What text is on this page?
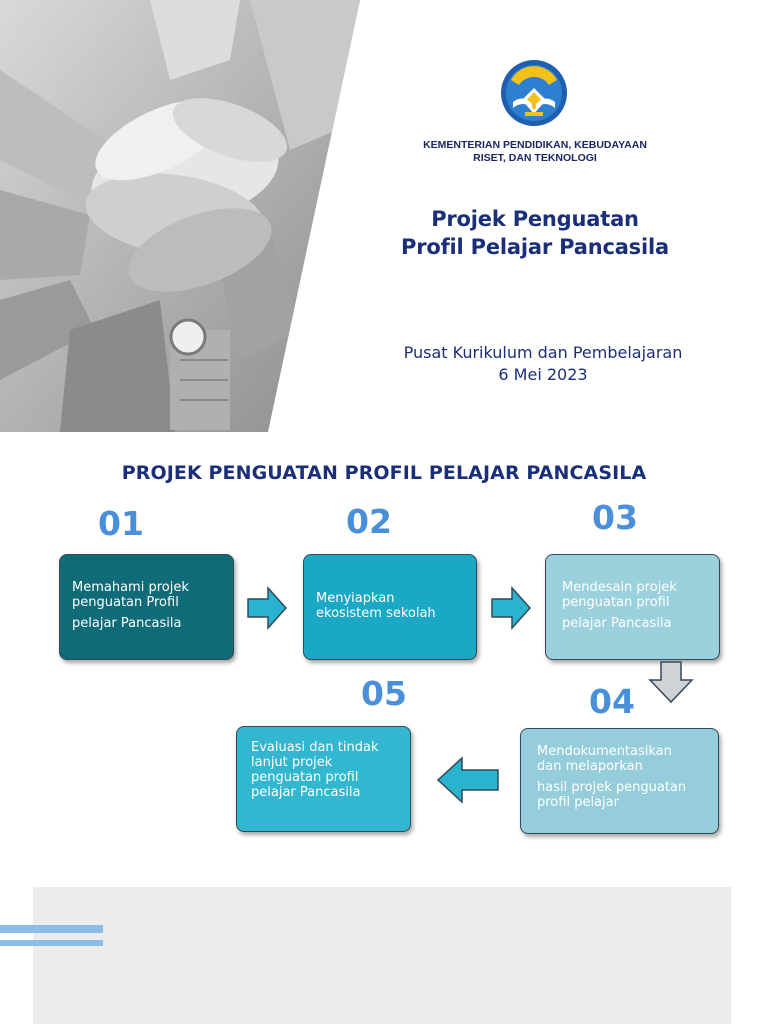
KEMENTERIAN PENDIDIKAN, KEBUDAYAAN
RISET, DAN TEKNOLOGI
Projek Penguatan
Profil Pelajar Pancasila
Pusat Kurikulum dan Pembelajaran
6 Mei 2023
PROJEK PENGUATAN PROFIL PELAJAR PANCASILA
01	02	03
04
05
Memahami projek
penguatan Profil
pelajar Pancasila
Menyiapkan
ekosistem sekolah
Mendesain projek
penguatan profil
pelajar Pancasila
Mendokumentasikan
dan melaporkan
hasil projek penguatan
profil pelajar
Evaluasi dan tindak
lanjut projek
penguatan profil
pelajar Pancasila
